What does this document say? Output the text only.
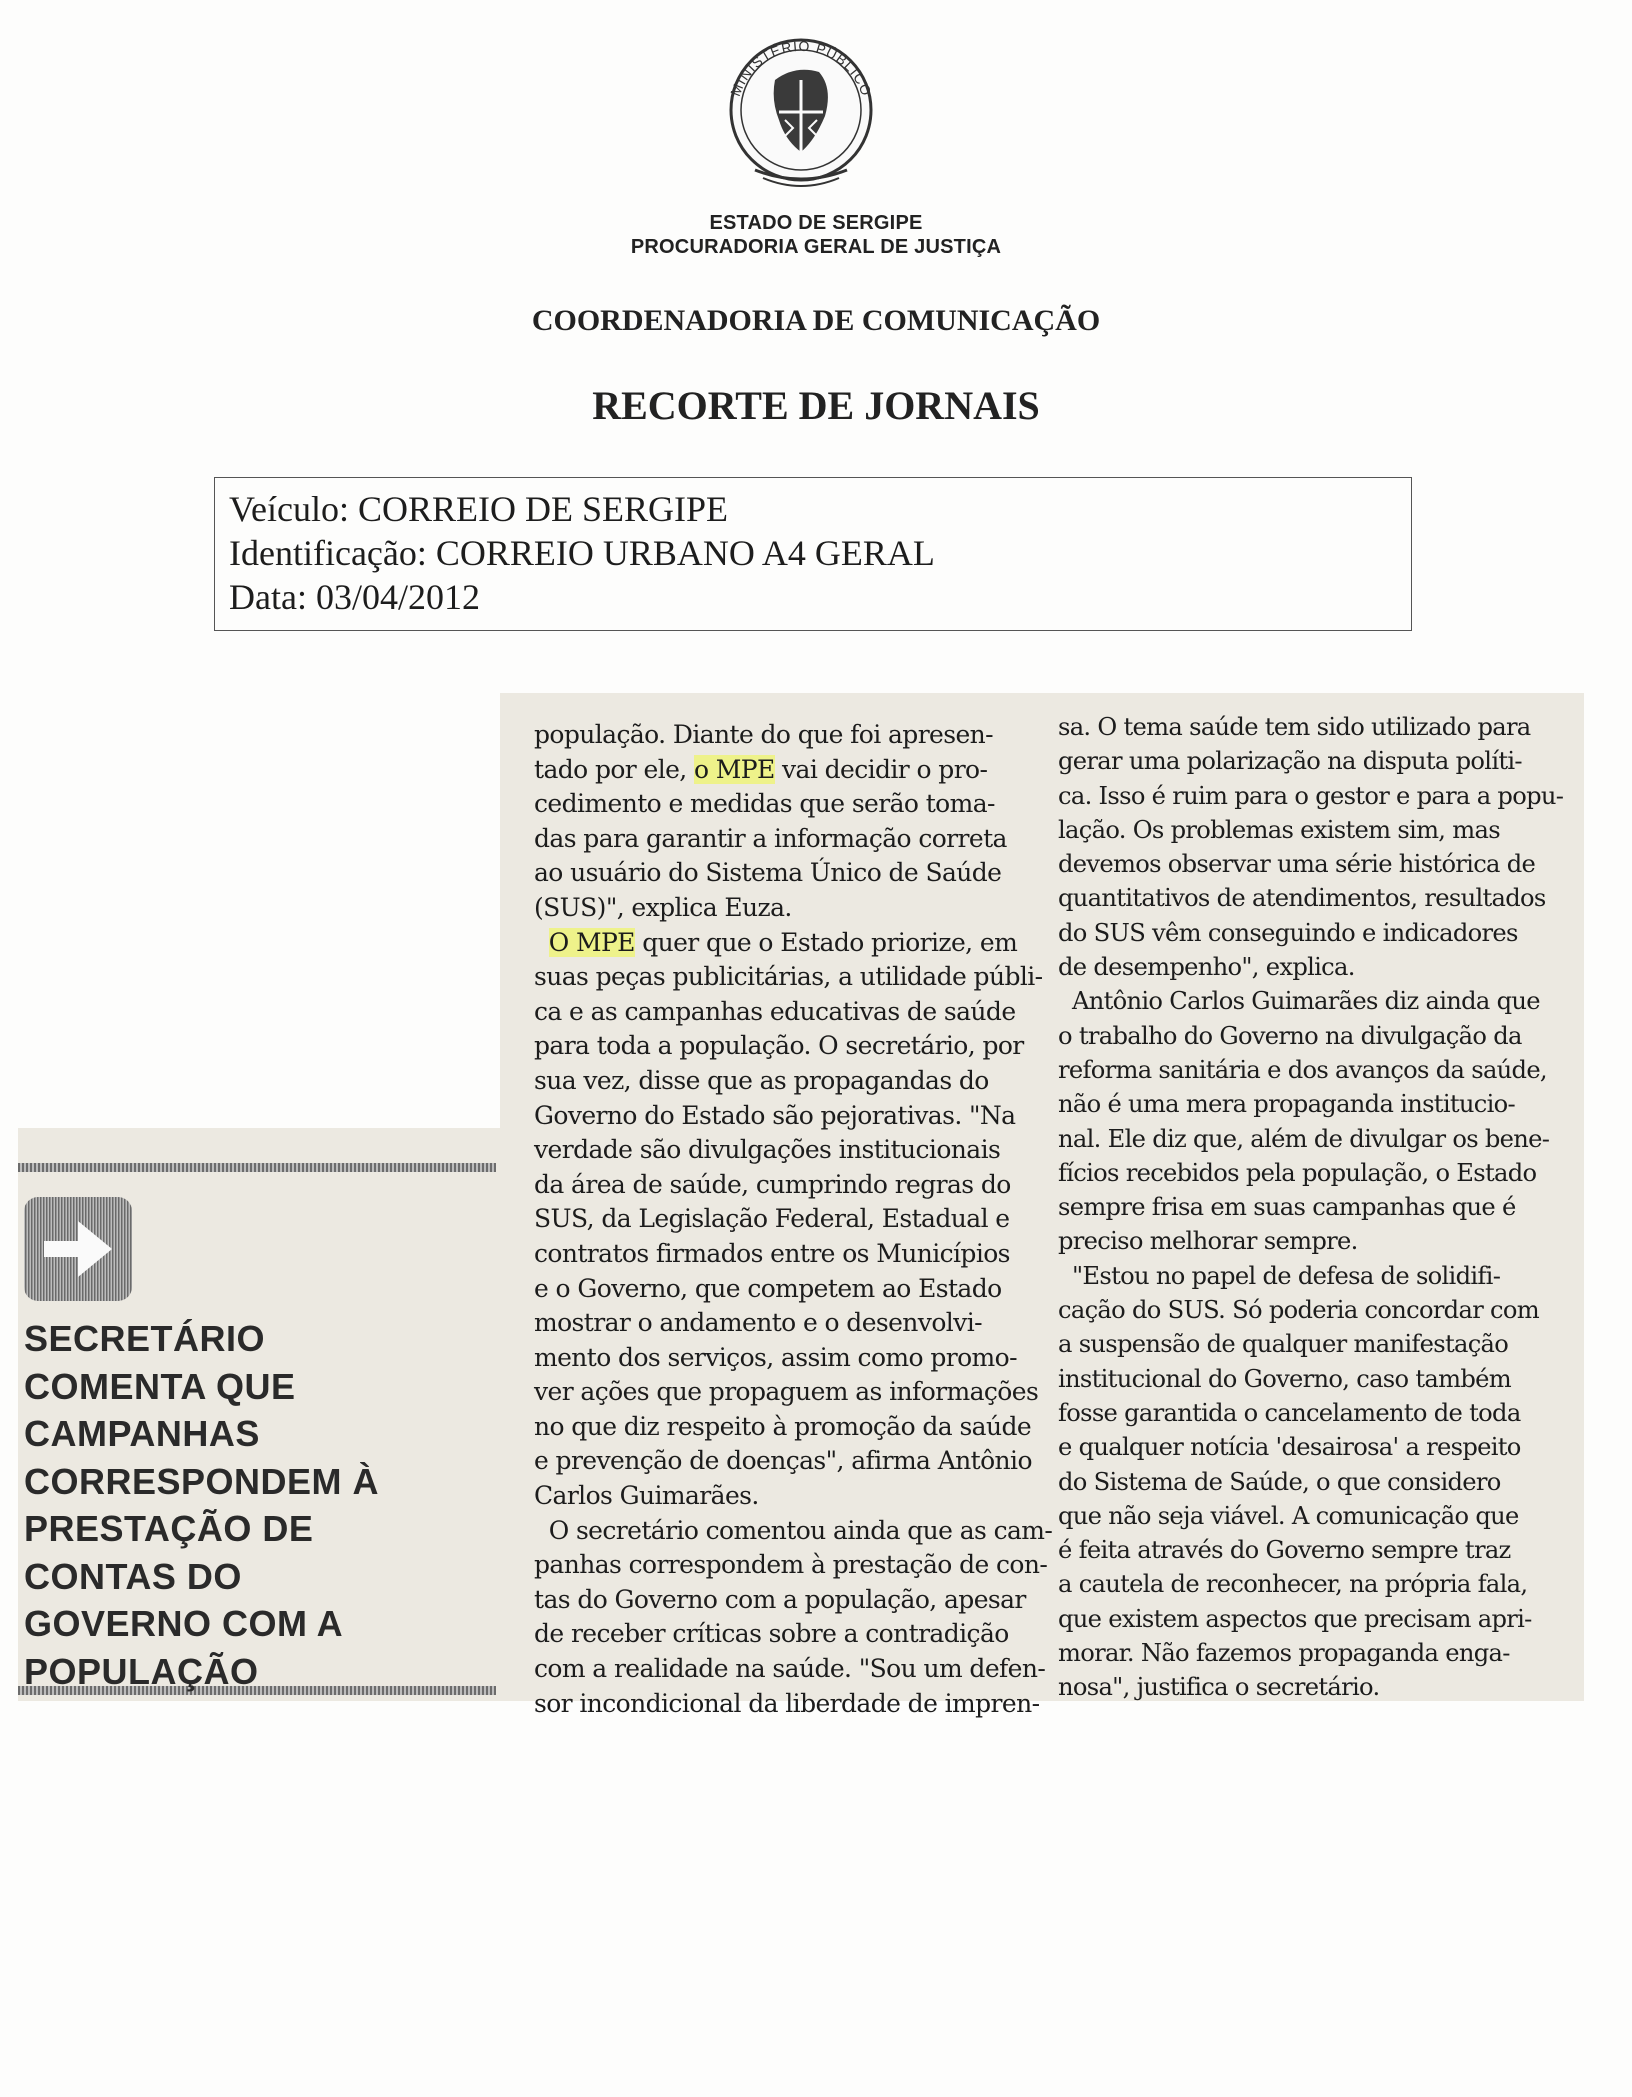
MINISTÉRIO PÚBLICO
ESTADO DE SERGIPE
PROCURADORIA GERAL DE JUSTIÇA
COORDENADORIA DE COMUNICAÇÃO
RECORTE DE JORNAIS
Veículo: CORREIO DE SERGIPE
Identificação: CORREIO URBANO A4 GERAL
Data: 03/04/2012
SECRETÁRIO
COMENTA QUE
CAMPANHAS
CORRESPONDEM À
PRESTAÇÃO DE
CONTAS DO
GOVERNO COM A
POPULAÇÃO

população. Diante do que foi apresen-
tado por ele, o MPE vai decidir o pro-
cedimento e medidas que serão toma-
das para garantir a informação correta
ao usuário do Sistema Único de Saúde
(SUS)", explica Euza.

O MPE quer que o Estado priorize, em
suas peças publicitárias, a utilidade públi-
ca e as campanhas educativas de saúde
para toda a população. O secretário, por
sua vez, disse que as propagandas do
Governo do Estado são pejorativas. "Na
verdade são divulgações institucionais
da área de saúde, cumprindo regras do
SUS, da Legislação Federal, Estadual e
contratos firmados entre os Municípios
e o Governo, que competem ao Estado
mostrar o andamento e o desenvolvi-
mento dos serviços, assim como promo-
ver ações que propaguem as informações
no que diz respeito à promoção da saúde
e prevenção de doenças", afirma Antônio
Carlos Guimarães.

O secretário comentou ainda que as cam-
panhas correspondem à prestação de con-
tas do Governo com a população, apesar
de receber críticas sobre a contradição
com a realidade na saúde. "Sou um defen-
sor incondicional da liberdade de impren-

sa. O tema saúde tem sido utilizado para
gerar uma polarização na disputa políti-
ca. Isso é ruim para o gestor e para a popu-
lação. Os problemas existem sim, mas
devemos observar uma série histórica de
quantitativos de atendimentos, resultados
do SUS vêm conseguindo e indicadores
de desempenho", explica.

Antônio Carlos Guimarães diz ainda que
o trabalho do Governo na divulgação da
reforma sanitária e dos avanços da saúde,
não é uma mera propaganda institucio-
nal. Ele diz que, além de divulgar os bene-
fícios recebidos pela população, o Estado
sempre frisa em suas campanhas que é
preciso melhorar sempre.

"Estou no papel de defesa de solidifi-
cação do SUS. Só poderia concordar com
a suspensão de qualquer manifestação
institucional do Governo, caso também
fosse garantida o cancelamento de toda
e qualquer notícia 'desairosa' a respeito
do Sistema de Saúde, o que considero
que não seja viável. A comunicação que
é feita através do Governo sempre traz
a cautela de reconhecer, na própria fala,
que existem aspectos que precisam apri-
morar. Não fazemos propaganda enga-
nosa", justifica o secretário.
